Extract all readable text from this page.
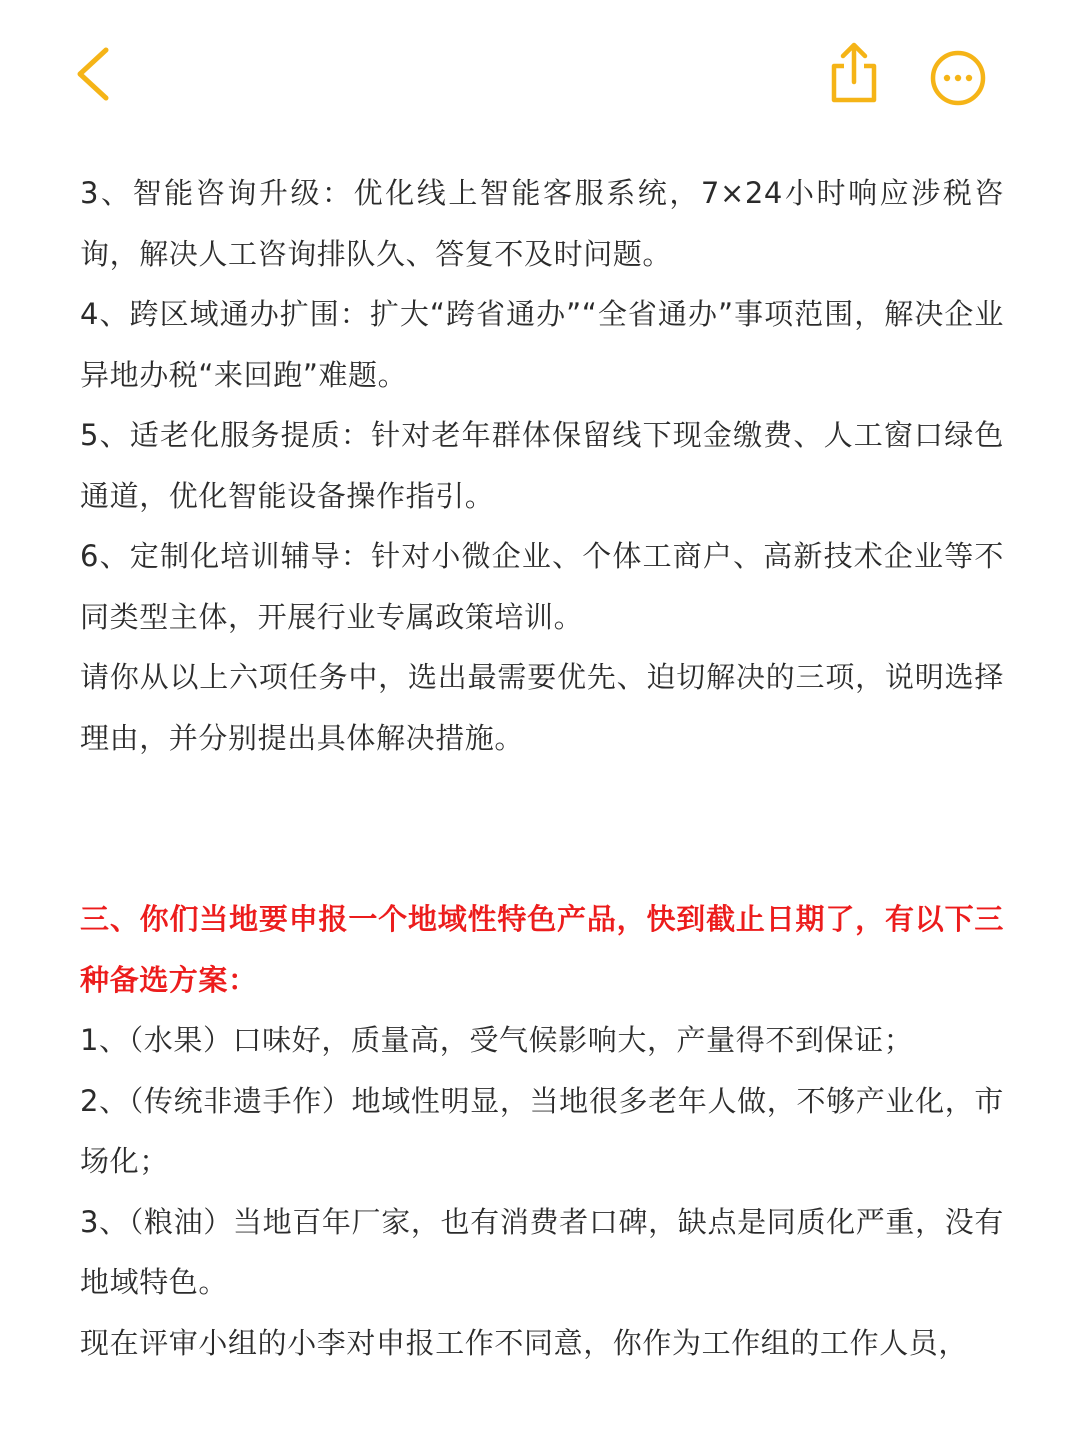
3、智能咨询升级：优化线上智能客服系统，7×24小时响应涉税咨询，解决人工咨询排队久、答复不及时问题。

4、跨区域通办扩围：扩大“跨省通办”“全省通办”事项范围，解决企业异地办税“来回跑”难题。

5、适老化服务提质：针对老年群体保留线下现金缴费、人工窗口绿色通道，优化智能设备操作指引。

6、定制化培训辅导：针对小微企业、个体工商户、高新技术企业等不同类型主体，开展行业专属政策培训。

请你从以上六项任务中，选出最需要优先、迫切解决的三项，说明选择理由，并分别提出具体解决措施。

三、你们当地要申报一个地域性特色产品，快到截止日期了，有以下三种备选方案：

1、（水果）口味好，质量高，受气候影响大，产量得不到保证；

2、（传统非遗手作）地域性明显，当地很多老年人做，不够产业化，市场化；

3、（粮油）当地百年厂家，也有消费者口碑，缺点是同质化严重，没有地域特色。

现在评审小组的小李对申报工作不同意，你作为工作组的工作人员，
